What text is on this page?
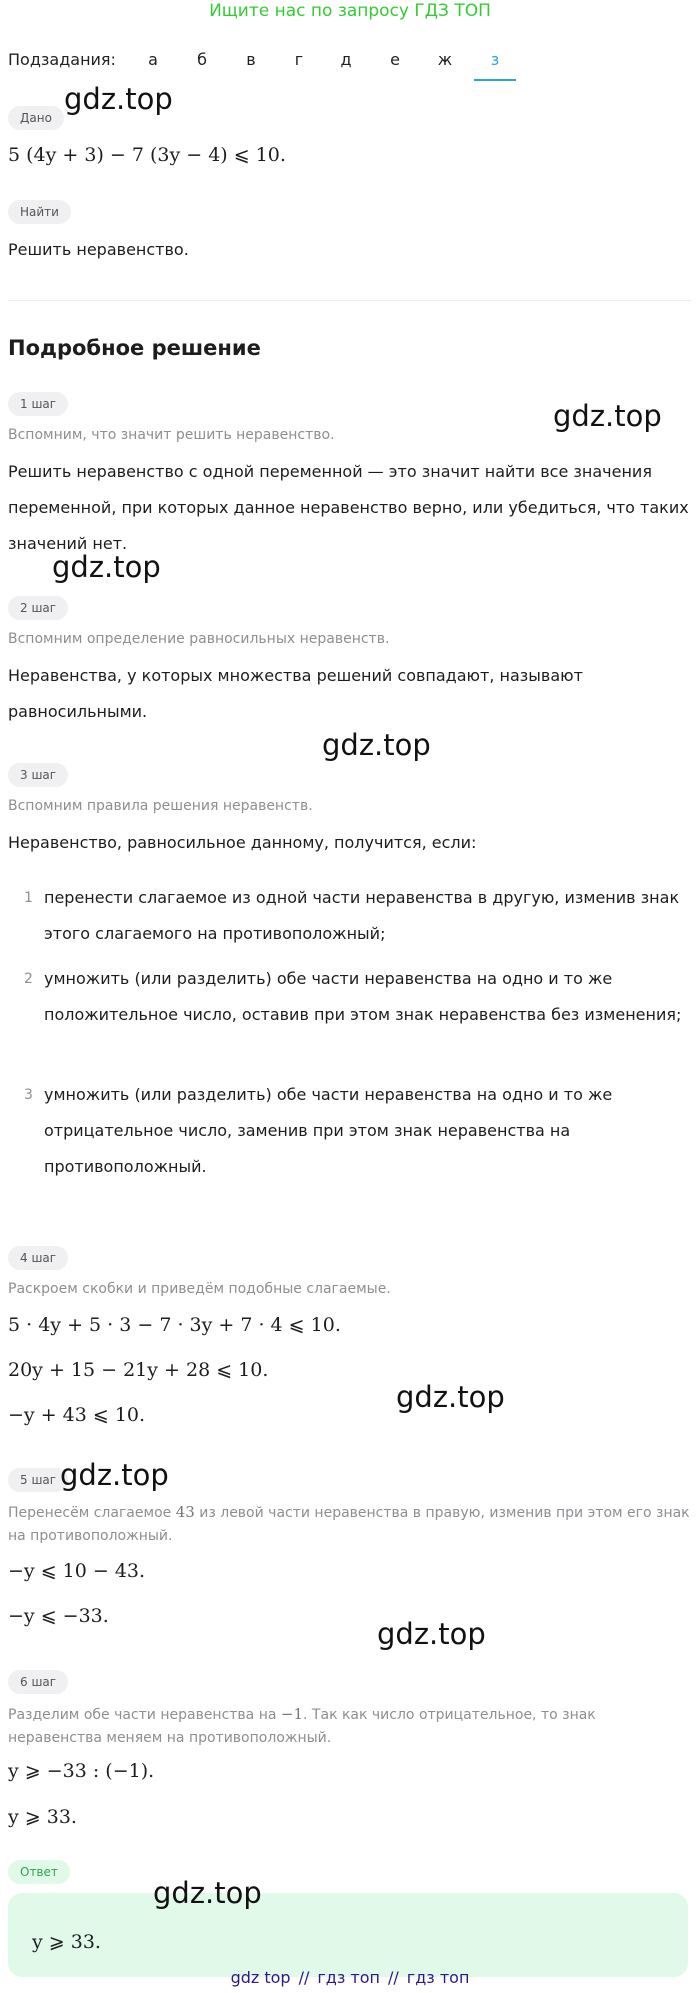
Ищите нас по запросу ГДЗ ТОП
Подзадания:	а	б	в	г	д	е	ж	з
Дано
5 (4y + 3) − 7 (3y − 4) ⩽ 10.
Найти
Решить неравенство.
Подробное решение
1 шаг
Вспомним, что значит решить неравенство.
Решить неравенство с одной переменной — это значит найти все значения переменной, при которых данное неравенство верно, или убедиться, что таких значений нет.
2 шаг
Вспомним определение равносильных неравенств.
Неравенства, у которых множества решений совпадают, называют равносильными.
3 шаг
Вспомним правила решения неравенств.
Неравенство, равносильное данному, получится, если:
1 перенести слагаемое из одной части неравенства в другую, изменив знак этого слагаемого на противоположный;
2 умножить (или разделить) обе части неравенства на одно и то же положительное число, оставив при этом знак неравенства без изменения;
3 умножить (или разделить) обе части неравенства на одно и то же отрицательное число, заменив при этом знак неравенства на противоположный.
4 шаг
Раскроем скобки и приведём подобные слагаемые.
5 · 4y + 5 · 3 − 7 · 3y + 7 · 4 ⩽ 10.
20y + 15 − 21y + 28 ⩽ 10.
−y + 43 ⩽ 10.
5 шаг
Перенесём слагаемое 43 из левой части неравенства в правую, изменив при этом его знак на противоположный.
−y ⩽ 10 − 43.
−y ⩽ −33.
6 шаг
Разделим обе части неравенства на −1. Так как число отрицательное, то знак неравенства меняем на противоположный.
y ⩾ −33 : (−1).
y ⩾ 33.
Ответ
y ⩾ 33.
gdz.top
gdz.top
gdz.top
gdz.top
gdz.top
gdz.top
gdz.top
gdz.top
gdz top // гдз топ // гдз топ
